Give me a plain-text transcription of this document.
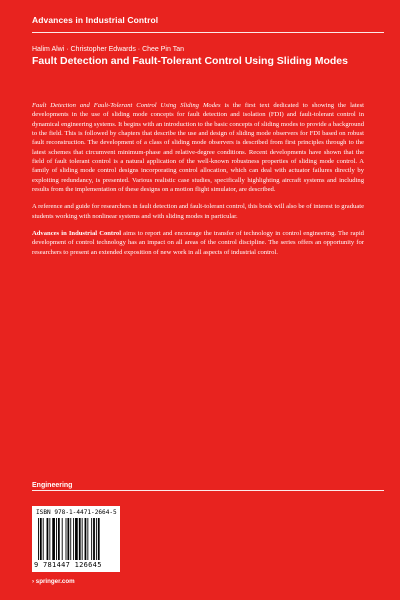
Advances in Industrial Control
Halim Alwi · Christopher Edwards · Chee Pin Tan
Fault Detection and Fault-Tolerant Control Using Sliding Modes

Fault Detection and Fault-Tolerant Control Using Sliding Modes is the first text dedicated to showing the latest developments in the use of sliding mode concepts for fault detection and isolation (FDI) and fault-tolerant control in dynamical engineering systems. It begins with an introduction to the basic concepts of sliding modes to provide a background to the field. This is followed by chapters that describe the use and design of sliding mode observers for FDI based on robust fault reconstruction. The development of a class of sliding mode observers is described from first principles through to the latest schemes that circumvent minimum-phase and relative-degree conditions. Recent developments have shown that the field of fault tolerant control is a natural application of the well-known robustness properties of sliding mode control. A family of sliding mode control designs incorporating control allocation, which can deal with actuator failures directly by exploiting redundancy, is presented. Various realistic case studies, specifically highlighting aircraft systems and including results from the implementation of these designs on a motion flight simulator, are described.

A reference and guide for researchers in fault detection and fault-tolerant control, this book will also be of interest to graduate students working with nonlinear systems and with sliding modes in particular.

Advances in Industrial Control aims to report and encourage the transfer of technology in control engineering. The rapid development of control technology has an impact on all areas of the control discipline. The series offers an opportunity for researchers to present an extended exposition of new work in all aspects of industrial control.

Engineering
ISBN 978-1-4471-2664-5
9 781447 126645
› springer.com
